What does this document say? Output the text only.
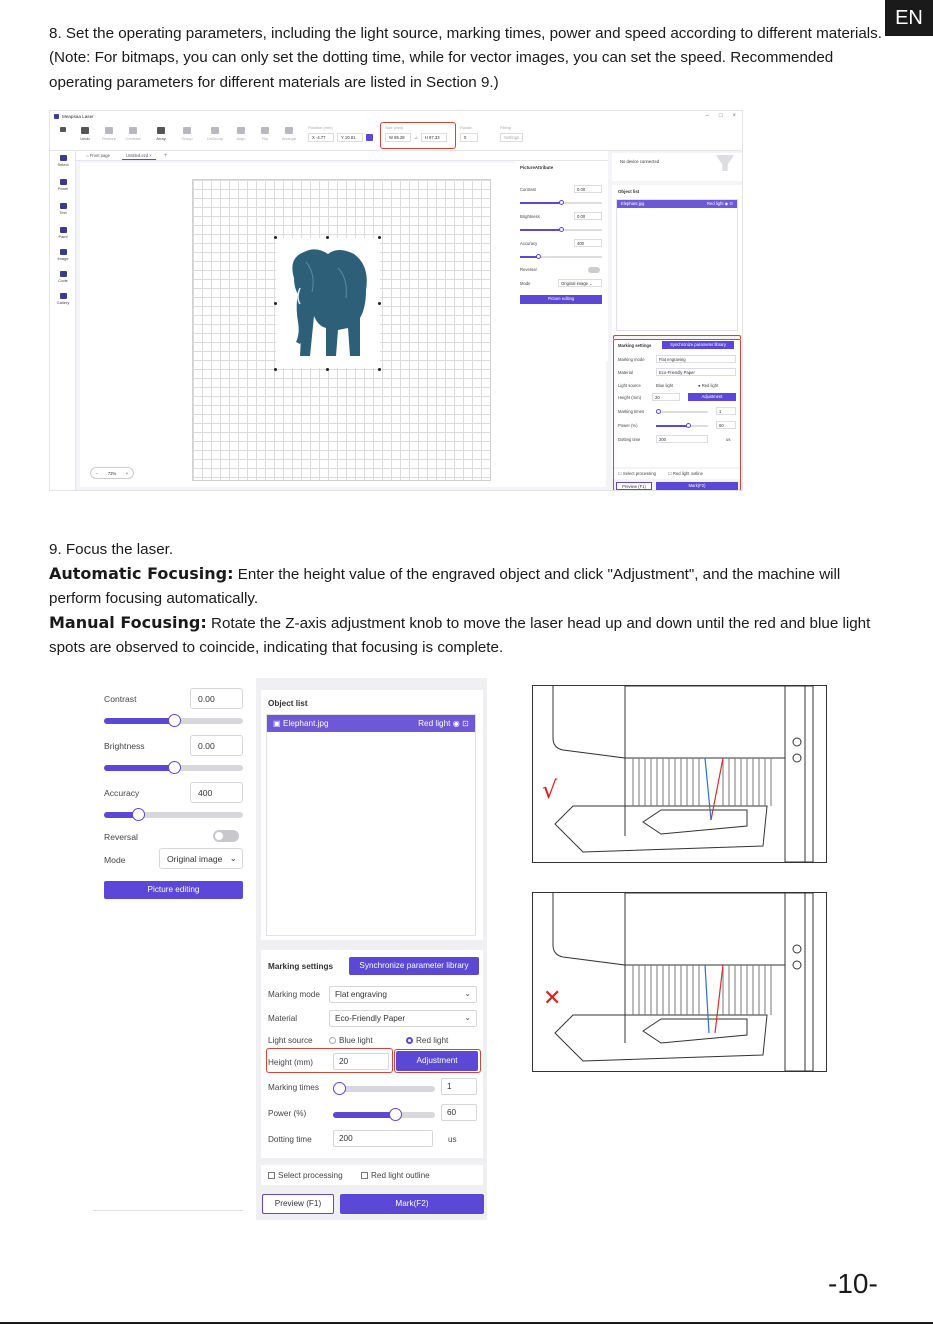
EN
8. Set the operating parameters, including the light source, marking times, power and speed according to different materials. (Note: For bitmaps, you can only set the dotting time, while for vector images, you can set the speed. Recommended operating parameters for different materials are listed in Section 9.)
Meapsaa Laser	– □ ×
Undo	Restore	Contrast	Array	Group	UnGroup	Align	Flip	Arrange
Position (mm)
X -4.77	Y 10.81
Size (mm)
W 85.28	⊿	H 97.33
Rotate
0
Fitting
Settings
Select
Panel
Text
Paint
Image
Code
Gallery
⌂ Front page	Untitled.ezd ×	+
− 73% +
PictureAttribute
Contrast	0.00
Brightness	0.00
Accuracy	400
Reversal
Mode	Original image ⌄
Picture editing
No device connected
Object list
Elephant.jpg	Red light ◉ ⊡
Marking settings	Synchronize parameter library
Marking mode	Flat engraving
Material	Eco-Friendly Paper
Light source	Blue light	● Red light
Height (mm)	20	Adjustment
Marking times	1
Power (%)	60
Dotting time	200	us
☐ Select processing	☐ Red light outline
Preview (F1)	Mark(F2)
9. Focus the laser.
Automatic Focusing: Enter the height value of the engraved object and click "Adjustment", and the machine will perform focusing automatically.
Manual Focusing: Rotate the Z-axis adjustment knob to move the laser head up and down until the red and blue light spots are observed to coincide, indicating that focusing is complete.
Contrast	0.00
Brightness	0.00
Accuracy	400
Reversal
Mode	Original image ⌄
Picture editing
Object list
▣ Elephant.jpg	Red light ◉ ⊡
Marking settings	Synchronize parameter library
Marking mode	Flat engraving	⌄
Material	Eco-Friendly Paper	⌄
Light source	Blue light	Red light
Height (mm)	20	Adjustment
Marking times	1
Power (%)	60
Dotting time	200	us
Select processing	Red light outline
Preview (F1)	Mark(F2)
√
✕
-10-
